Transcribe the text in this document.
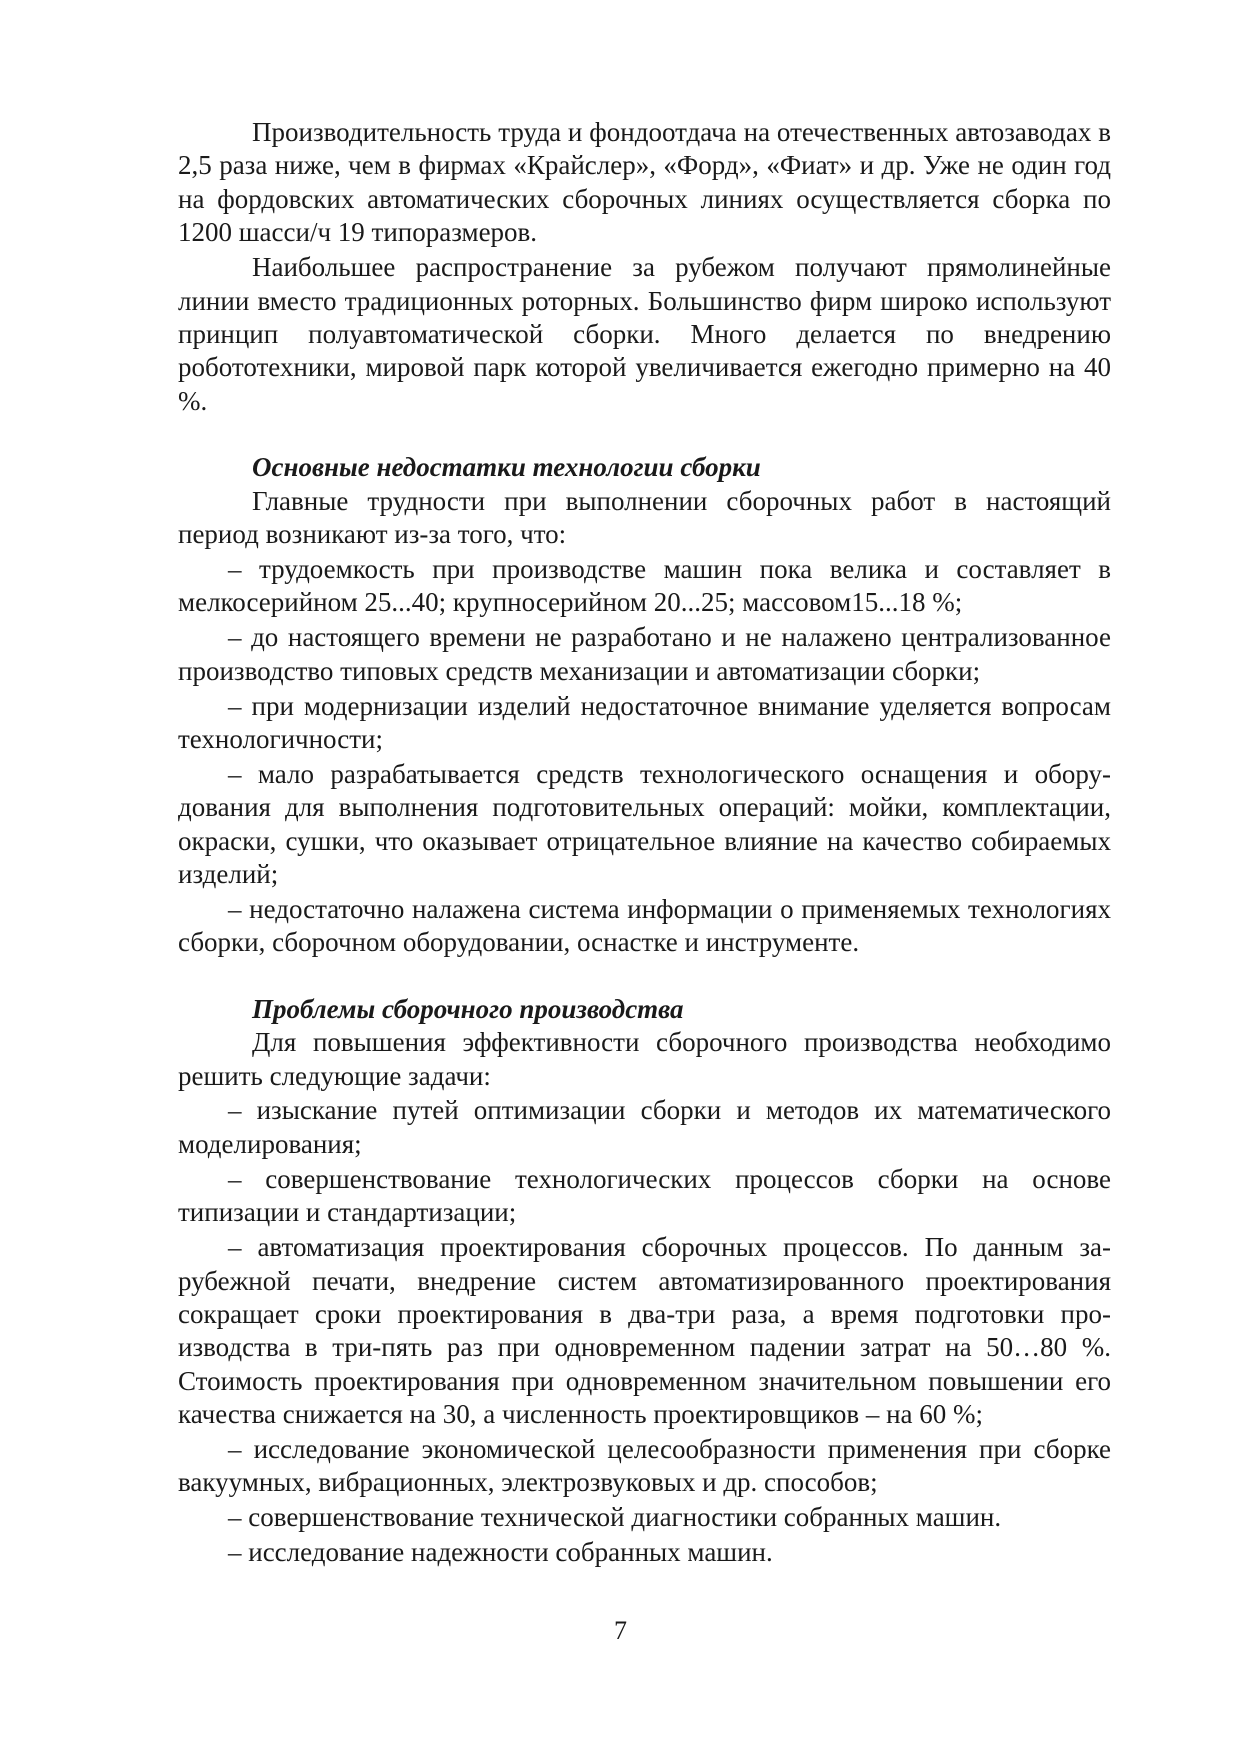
Производительность труда и фондоотдача на отечественных автозаводах в 2,5 раза ниже, чем в фирмах «Крайслер», «Форд», «Фиат» и др. Уже не один год на фордовских автоматических сборочных линиях осуществляется сборка по 1200 шасси/ч 19 типоразмеров.

Наибольшее распространение за рубежом получают прямолинейные линии вместо традиционных роторных. Большинство фирм широко используют принцип полуавтоматической сборки. Много делается по внедрению робототехники, мировой парк которой увеличивается ежегодно примерно на 40 %.

Основные недостатки технологии сборки

Главные трудности при выполнении сборочных работ в настоящий период возникают из-за того, что:

– трудоемкость при производстве машин пока велика и составляет в мелкосерийном 25...40; крупносерийном 20...25; массовом15...18 %;

– до настоящего времени не разработано и не налажено централизованное производство типовых средств механизации и автоматизации сборки;

– при модернизации изделий недостаточное внимание уделяется вопросам технологичности;

– мало разрабатывается средств технологического оснащения и оборудования для выполнения подготовительных операций: мойки, комплектации, окраски, сушки, что оказывает отрицательное влияние на качество собираемых изделий;

– недостаточно налажена система информации о применяемых технологиях сборки, сборочном оборудовании, оснастке и инструменте.

Проблемы сборочного производства

Для повышения эффективности сборочного производства необходимо решить следующие задачи:

– изыскание путей оптимизации сборки и методов их математического моделирования;

– совершенствование технологических процессов сборки на основе типизации и стандартизации;

– автоматизация проектирования сборочных процессов. По данным зарубежной печати, внедрение систем автоматизированного проектирования сокращает сроки проектирования в два-три раза, а время подготовки производства в три-пять раз при одновременном падении затрат на 50…80 %. Стоимость проектирования при одновременном значительном повышении его качества снижается на 30, а численность проектировщиков – на 60 %;

– исследование экономической целесообразности применения при сборке вакуумных, вибрационных, электрозвуковых и др. способов;

– совершенствование технической диагностики собранных машин.

– исследование надежности собранных машин.

7
